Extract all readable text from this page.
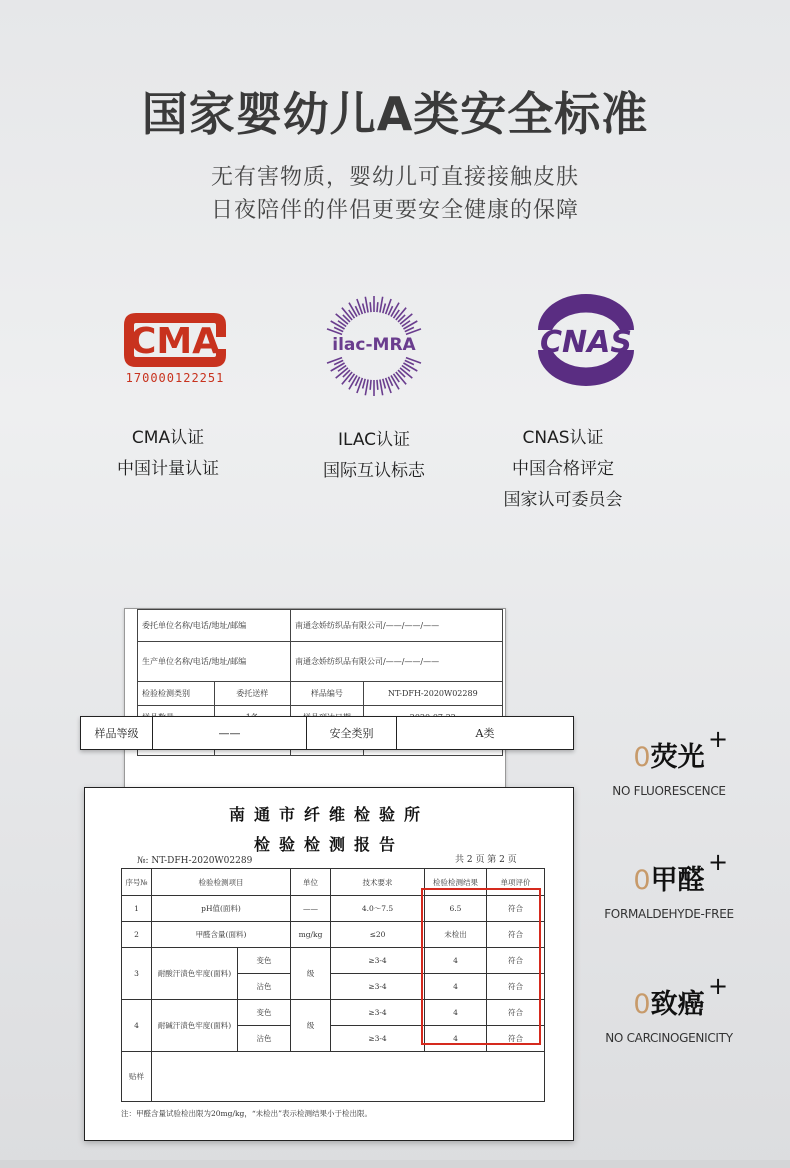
国家婴幼儿A类安全标准
无有害物质，婴幼儿可直接接触皮肤
日夜陪伴的伴侣更要安全健康的保障
CMA
170000122251
ilac-MRA	CNAS
CMA认证
中国计量认证
ILAC认证
国际互认标志
CNAS认证
中国合格评定
国家认可委员会
委托单位名称/电话/地址/邮编		南通念娇纺织品有限公司/——/——/——	
生产单位名称/电话/地址/邮编		南通念娇纺织品有限公司/——/——/——	
检验检测类别	委托送样	样品编号	NT-DFH-2020W02289

样品等级	——	安全类别	A类
南通市纤维检验所
检验检测报告
№: NT-DFH-2020W02289	共 2 页 第 2 页
序号№	检验检测项目		单位	技术要求	检验检测结果	单项评价
1	pH值(面料)		——	4.0～7.5	6.5	符合
2	甲醛含量(面料)		mg/kg	≤20	未检出	符合
3	耐酸汗渍色牢度(面料)	变色	级	≥3-4	4	符合
		沾色		≥3-4	4	符合
4	耐碱汗渍色牢度(面料)	变色	级	≥3-4	4	符合
		沾色		≥3-4	4	符合
贴样						
注：甲醛含量试验检出限为20mg/kg，“未检出”表示检测结果小于检出限。
0荧光
+
NO FLUORESCENCE
0甲醛
+
FORMALDEHYDE-FREE
0致癌
+
NO CARCINOGENICITY
